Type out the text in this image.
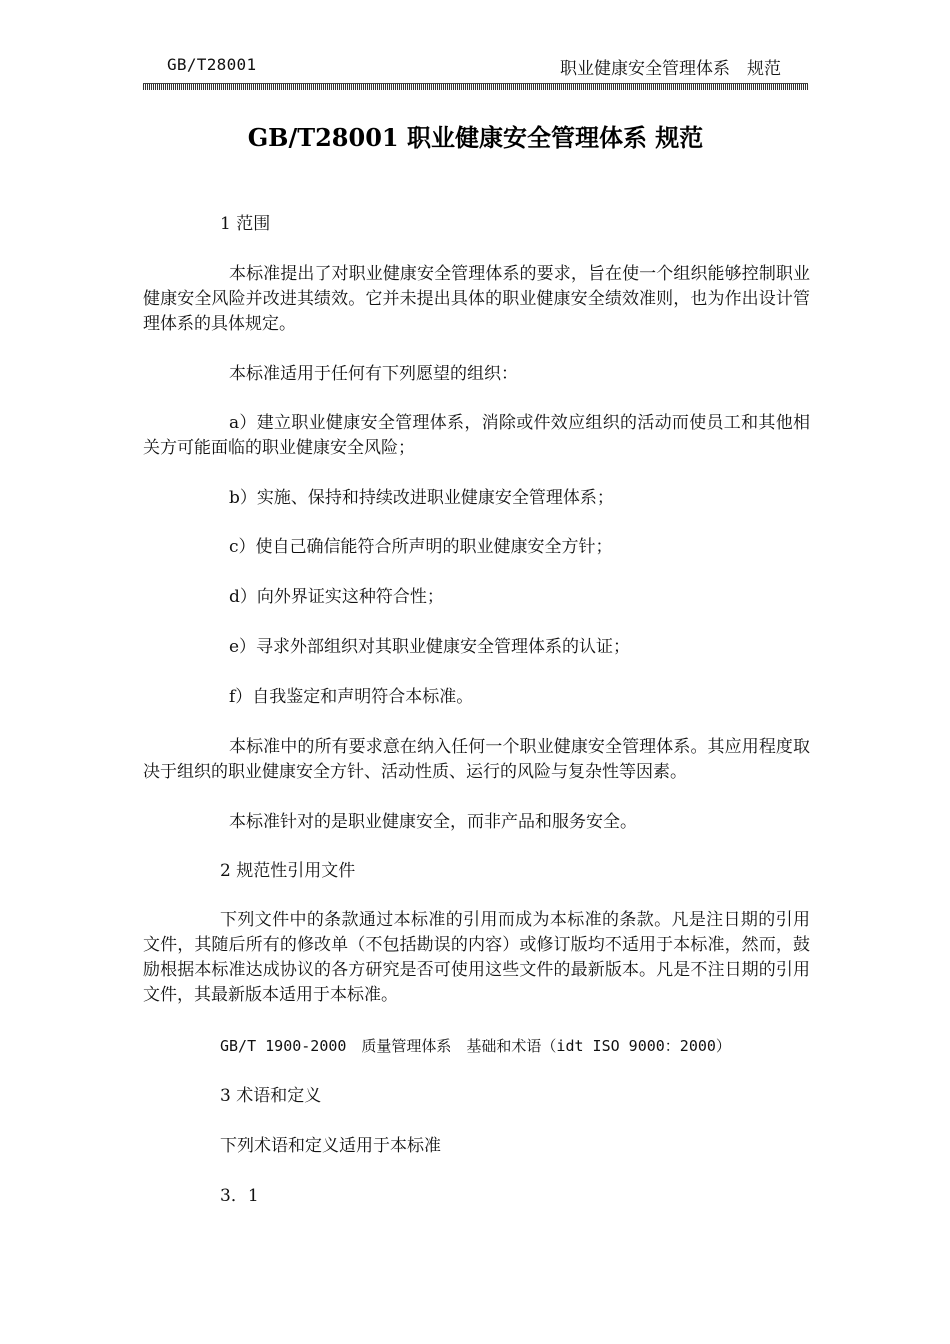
GB/T28001	职业健康安全管理体系　规范
GB/T28001 职业健康安全管理体系 规范
1 范围

本标准提出了对职业健康安全管理体系的要求，旨在使一个组织能够控制职业健康安全风险并改进其绩效。它并未提出具体的职业健康安全绩效准则，也为作出设计管理体系的具体规定。

本标准适用于任何有下列愿望的组织：

a）建立职业健康安全管理体系，消除或件效应组织的活动而使员工和其他相关方可能面临的职业健康安全风险；

b）实施、保持和持续改进职业健康安全管理体系；
c）使自己确信能符合所声明的职业健康安全方针；
d）向外界证实这种符合性；
e）寻求外部组织对其职业健康安全管理体系的认证；
f）自我鉴定和声明符合本标准。

本标准中的所有要求意在纳入任何一个职业健康安全管理体系。其应用程度取决于组织的职业健康安全方针、活动性质、运行的风险与复杂性等因素。

本标准针对的是职业健康安全，而非产品和服务安全。
2 规范性引用文件

下列文件中的条款通过本标准的引用而成为本标准的条款。凡是注日期的引用文件，其随后所有的修改单（不包括勘误的内容）或修订版均不适用于本标准，然而，鼓励根据本标准达成协议的各方研究是否可使用这些文件的最新版本。凡是不注日期的引用文件，其最新版本适用于本标准。

GB/T 1900-2000　质量管理体系　基础和术语（idt ISO 9000：2000）
3 术语和定义
下列术语和定义适用于本标准
3．1
